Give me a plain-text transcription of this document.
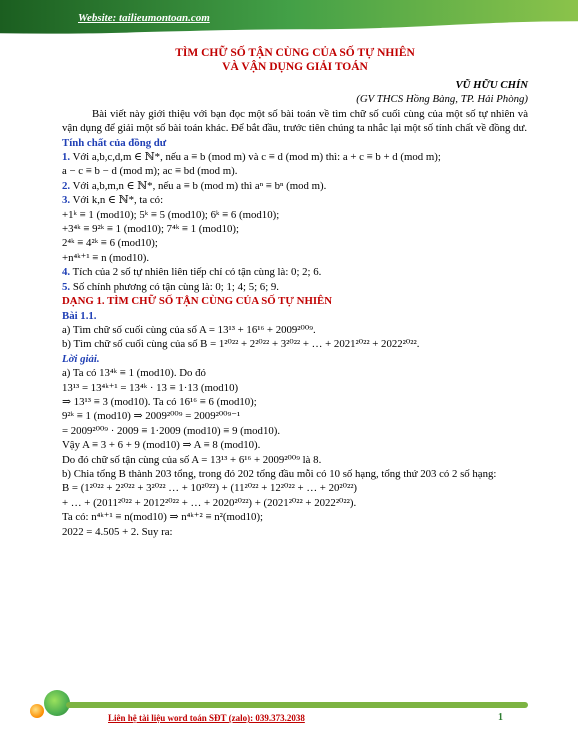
Website: tailieumontoan.com
TÌM CHỮ SỐ TẬN CÙNG CỦA SỐ TỰ NHIÊN
VÀ VẬN DỤNG GIẢI TOÁN
VŨ HỮU CHÍN
(GV THCS Hồng Bàng, TP. Hải Phòng)
Bài viết này giới thiệu với bạn đọc một số bài toán về tìm chữ số cuối cùng của một số tự nhiên và vận dụng để giải một số bài toán khác. Để bắt đầu, trước tiên chúng ta nhắc lại một số tính chất về đồng dư.
Tính chất của đồng dư
1. Với a,b,c,d,m ∈ ℕ*, nếu a ≡ b (mod m) và c ≡ d (mod m) thì: a + c ≡ b + d (mod m);
a − c ≡ b − d (mod m); ac ≡ bd (mod m).
2. Với a,b,m,n ∈ ℕ*, nếu a ≡ b (mod m) thì aⁿ ≡ bⁿ (mod m).
3. Với k,n ∈ ℕ*, ta có:
+1ᵏ ≡ 1 (mod10); 5ᵏ ≡ 5 (mod10); 6ᵏ ≡ 6 (mod10);
+3⁴ᵏ ≡ 9²ᵏ ≡ 1 (mod10); 7⁴ᵏ ≡ 1 (mod10);
2⁴ᵏ ≡ 4²ᵏ ≡ 6 (mod10);
+n⁴ᵏ⁺¹ ≡ n (mod10).
4. Tích của 2 số tự nhiên liên tiếp chỉ có tận cùng là: 0; 2; 6.
5. Số chính phương có tận cùng là: 0; 1; 4; 5; 6; 9.
DẠNG 1. TÌM CHỮ SỐ TẬN CÙNG CỦA SỐ TỰ NHIÊN
Bài 1.1.
a) Tìm chữ số cuối cùng của số A = 13¹³ + 16¹⁶ + 2009²⁰⁰⁹.
b) Tìm chữ số cuối cùng của số B = 1²⁰²² + 2²⁰²² + 3²⁰²² + … + 2021²⁰²² + 2022²⁰²².
Lời giải.
a) Ta có 13⁴ᵏ ≡ 1 (mod10). Do đó
13¹³ = 13⁴ᵏ⁺¹ = 13⁴ᵏ · 13 ≡ 1·13 (mod10)
⇒ 13¹³ ≡ 3 (mod10). Ta có 16¹⁶ ≡ 6 (mod10);
9²ᵏ ≡ 1 (mod10) ⇒ 2009²⁰⁰⁹ = 2009²⁰⁰⁹⁻¹
= 2009²⁰⁰⁹ · 2009 ≡ 1·2009 (mod10) ≡ 9 (mod10).
Vậy A ≡ 3 + 6 + 9 (mod10) ⇒ A ≡ 8 (mod10).
Do đó chữ số tận cùng của số A = 13¹³ + 6¹⁶ + 2009²⁰⁰⁹ là 8.
b) Chia tổng B thành 203 tổng, trong đó 202 tổng đầu mỗi có 10 số hạng, tổng thứ 203 có 2 số hạng:
B = (1²⁰²² + 2²⁰²² + 3²⁰²² … + 10²⁰²²) + (11²⁰²² + 12²⁰²² + … + 20²⁰²²)
+ … + (2011²⁰²² + 2012²⁰²² + … + 2020²⁰²²) + (2021²⁰²² + 2022²⁰²²).
Ta có: n⁴ᵏ⁺¹ ≡ n(mod10) ⇒ n⁴ᵏ⁺² ≡ n²(mod10);
2022 = 4.505 + 2. Suy ra:
Liên hệ tài liệu word toán SĐT (zalo): 039.373.2038	1
